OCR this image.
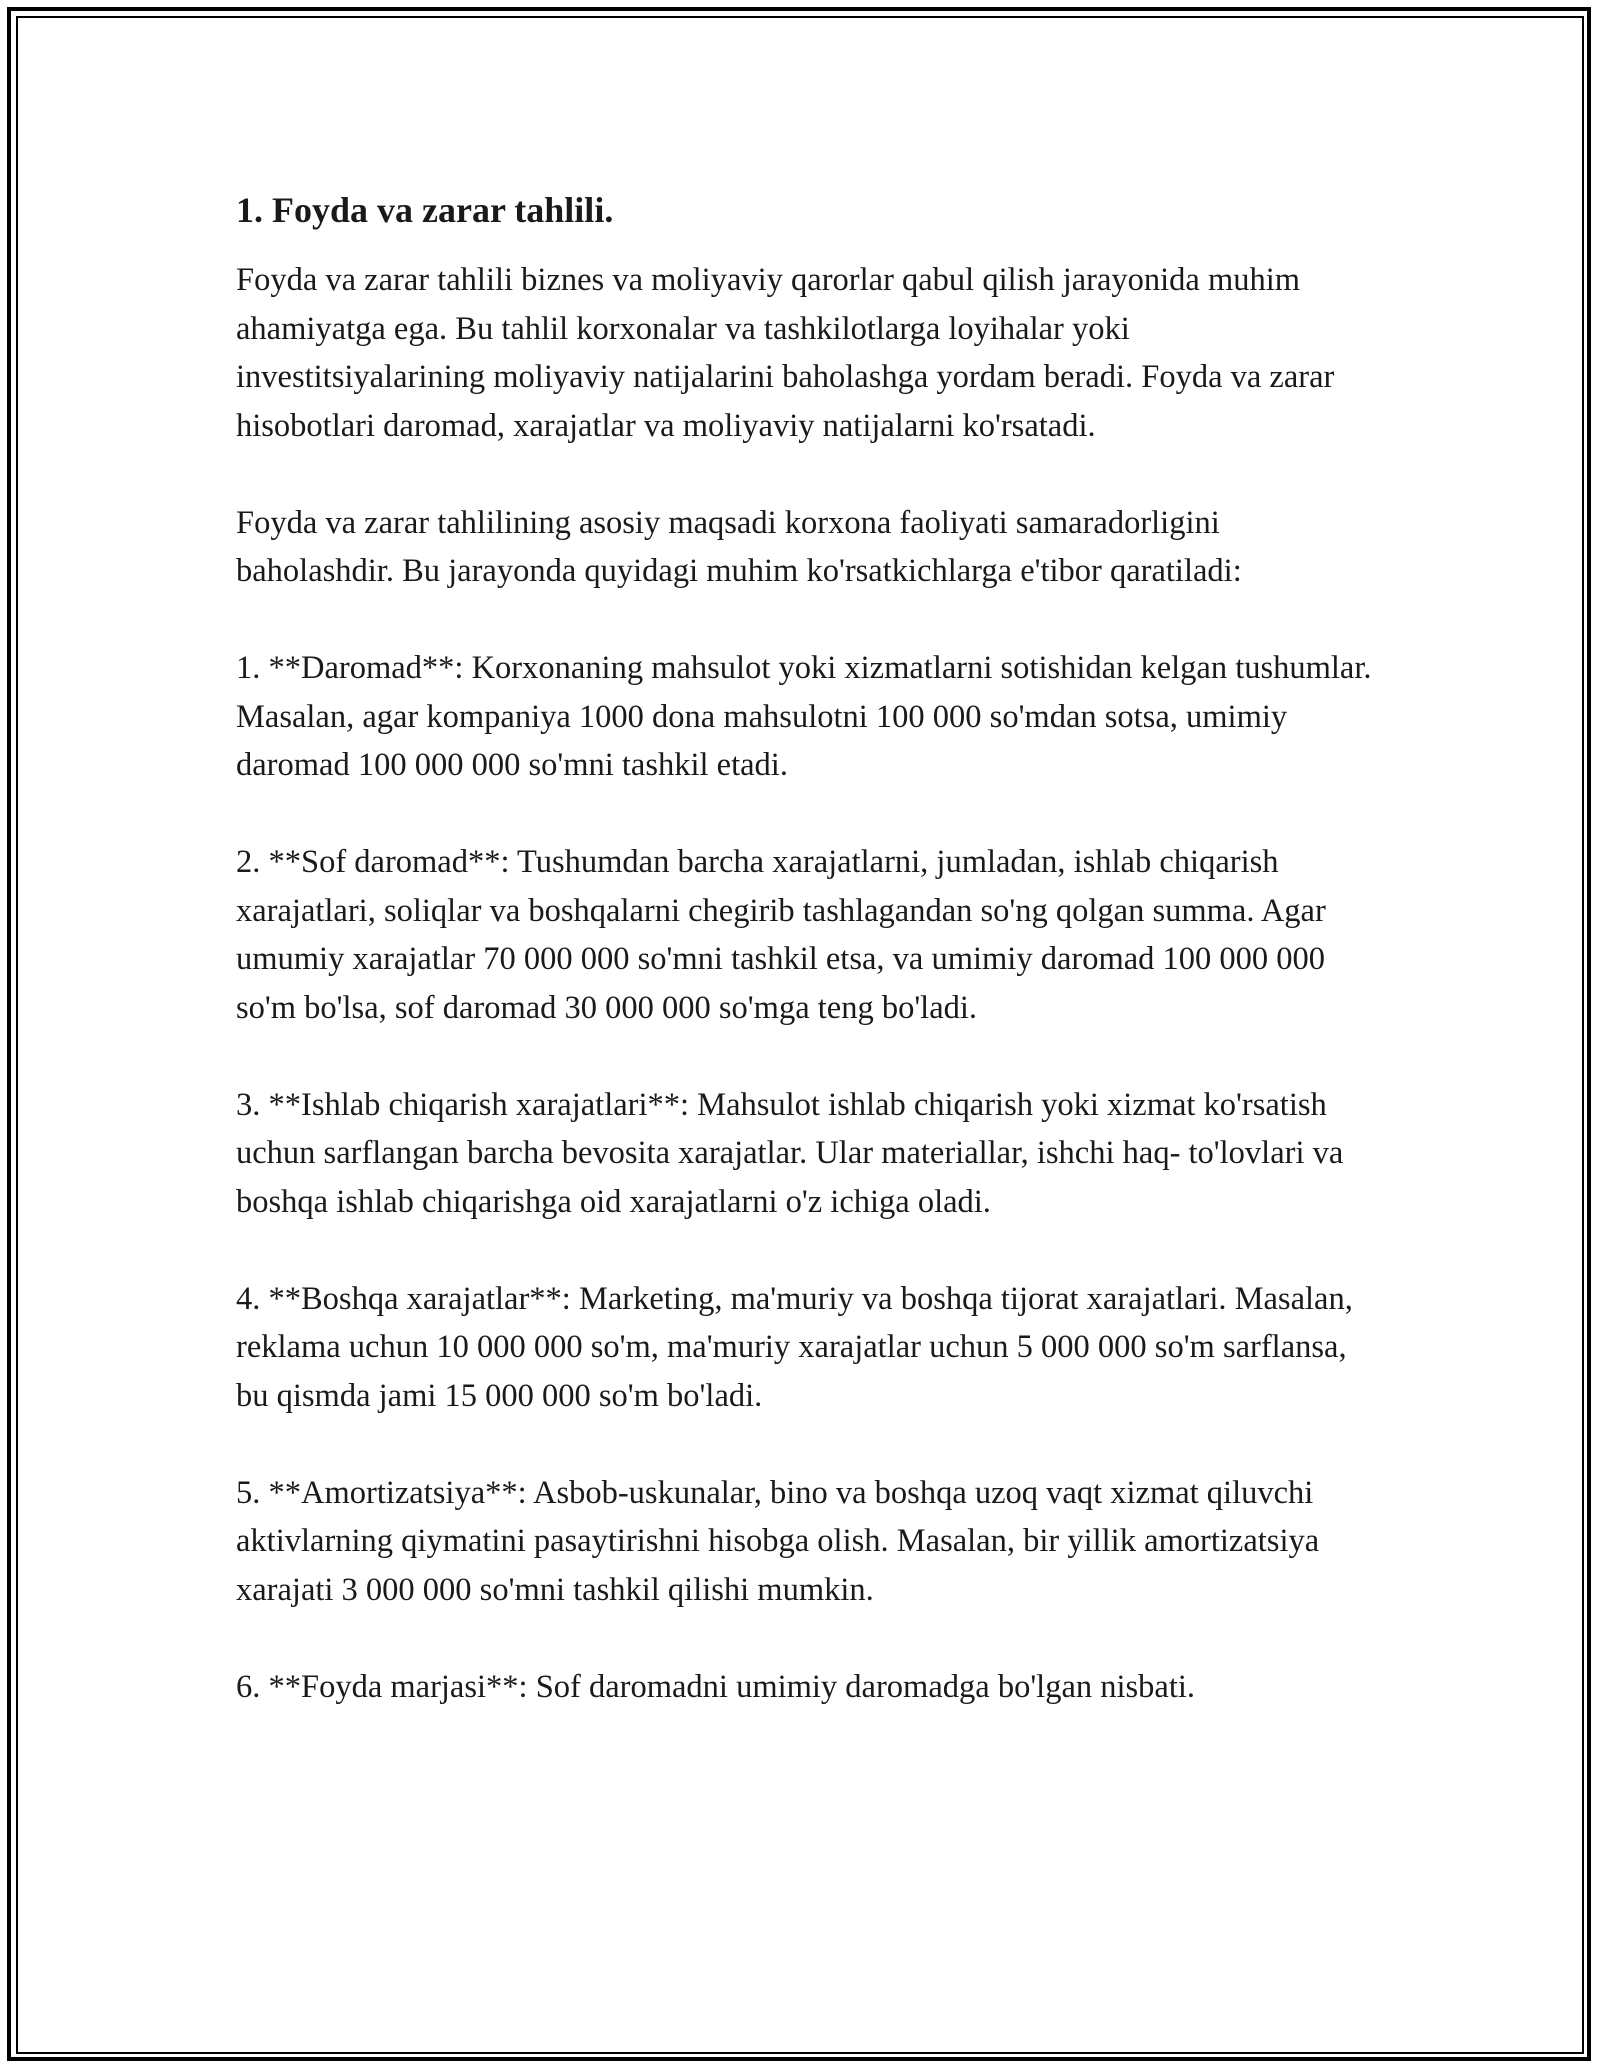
1. Foyda va zarar tahlili.

Foyda va zarar tahlili biznes va moliyaviy qarorlar qabul qilish jarayonida muhim ahamiyatga ega. Bu tahlil korxonalar va tashkilotlarga loyihalar yoki investitsiyalarining moliyaviy natijalarini baholashga yordam beradi. Foyda va zarar hisobotlari daromad, xarajatlar va moliyaviy natijalarni ko'rsatadi.

Foyda va zarar tahlilining asosiy maqsadi korxona faoliyati samaradorligini baholashdir. Bu jarayonda quyidagi muhim ko'rsatkichlarga e'tibor qaratiladi:

1. **Daromad**: Korxonaning mahsulot yoki xizmatlarni sotishidan kelgan tushumlar. Masalan, agar kompaniya 1000 dona mahsulotni 100 000 so'mdan sotsa, umimiy daromad 100 000 000 so'mni tashkil etadi.

2. **Sof daromad**: Tushumdan barcha xarajatlarni, jumladan, ishlab chiqarish xarajatlari, soliqlar va boshqalarni chegirib tashlagandan so'ng qolgan summa. Agar umumiy xarajatlar 70 000 000 so'mni tashkil etsa, va umimiy daromad 100 000 000 so'm bo'lsa, sof daromad 30 000 000 so'mga teng bo'ladi.

3. **Ishlab chiqarish xarajatlari**: Mahsulot ishlab chiqarish yoki xizmat ko'rsatish uchun sarflangan barcha bevosita xarajatlar. Ular materiallar, ishchi haq- to'lovlari va boshqa ishlab chiqarishga oid xarajatlarni o'z ichiga oladi.

4. **Boshqa xarajatlar**: Marketing, ma'muriy va boshqa tijorat xarajatlari. Masalan, reklama uchun 10 000 000 so'm, ma'muriy xarajatlar uchun 5 000 000 so'm sarflansa, bu qismda jami 15 000 000 so'm bo'ladi.

5. **Amortizatsiya**: Asbob-uskunalar, bino va boshqa uzoq vaqt xizmat qiluvchi aktivlarning qiymatini pasaytirishni hisobga olish. Masalan, bir yillik amortizatsiya xarajati 3 000 000 so'mni tashkil qilishi mumkin.

6. **Foyda marjasi**: Sof daromadni umimiy daromadga bo'lgan nisbati.
